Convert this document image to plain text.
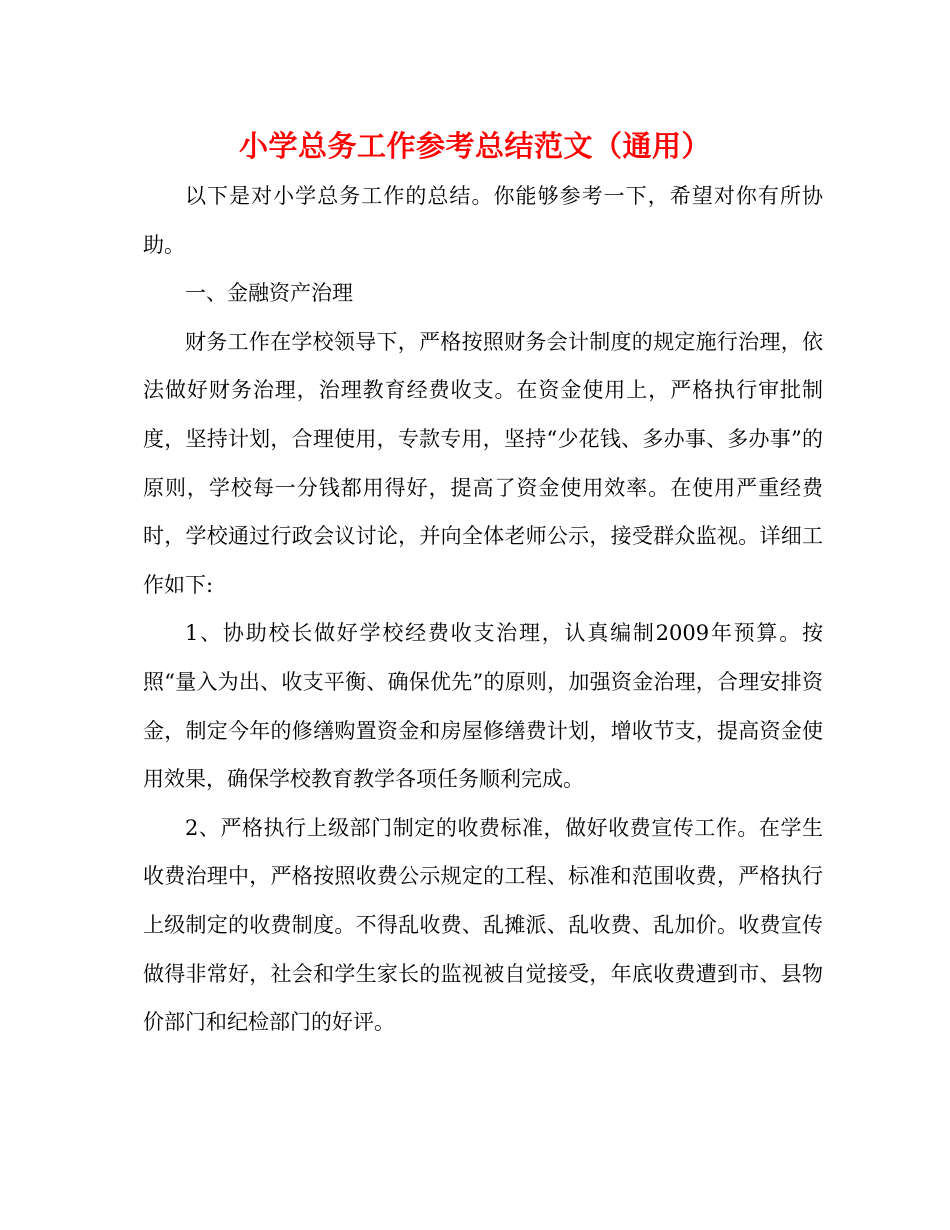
小学总务工作参考总结范文（通用）

以下是对小学总务工作的总结。你能够参考一下，希望对你有所协助。

一、金融资产治理

财务工作在学校领导下，严格按照财务会计制度的规定施行治理，依法做好财务治理，治理教育经费收支。在资金使用上，严格执行审批制度，坚持计划，合理使用，专款专用，坚持“少花钱、多办事、多办事”的原则，学校每一分钱都用得好，提高了资金使用效率。在使用严重经费时，学校通过行政会议讨论，并向全体老师公示，接受群众监视。详细工作如下:

1、协助校长做好学校经费收支治理，认真编制2009年预算。按照“量入为出、收支平衡、确保优先”的原则，加强资金治理，合理安排资金，制定今年的修缮购置资金和房屋修缮费计划，增收节支，提高资金使用效果，确保学校教育教学各项任务顺利完成。

2、严格执行上级部门制定的收费标准，做好收费宣传工作。在学生收费治理中，严格按照收费公示规定的工程、标准和范围收费，严格执行上级制定的收费制度。不得乱收费、乱摊派、乱收费、乱加价。收费宣传做得非常好，社会和学生家长的监视被自觉接受，年底收费遭到市、县物价部门和纪检部门的好评。
